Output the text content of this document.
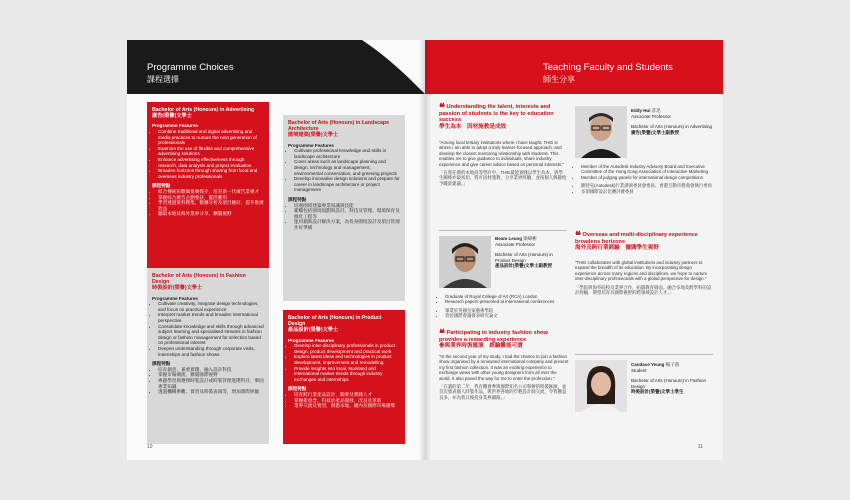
Programme Choices
課程選擇
Bachelor of Arts (Honours) in Advertising
廣告(榮譽)文學士
Programme Features
• Combine traditional and digital advertising and media practices to nurture the next generation of professionals
• Examine the use of flexible and comprehensive advertising solutions
• Enhance advertising effectiveness through research, data analysis and project evaluation
• Broaden horizons through sharing from local and overseas industry professionals
課程特點
• 結合傳統和數碼推廣媒介，培育新一代廣告業專才
• 掌握綜合廣告企劃要訣，靈活應用
• 學習透過資料搜集、數據分析及項目檢討，提升推廣效益
• 聽取本地及海外業界分享，擴闊視野
Bachelor of Arts (Honours) in Landscape Architecture
園境建築(榮譽)文學士
Programme Features
• Cultivate professional knowledge and skills in landscape architecture
• Cover areas such as landscape planning and design, technology and management, environmental conservation, and greening projects
• Develop innovative design solutions and prepare for career in landscape architecture or project management
課程特點
• 培養園境建築專業知識與技能
• 範疇包括園境規劃與設計、科技及管理、環境保育及綠化工程等
• 運用創新設計解決方案，為投身園境設計及項目管理作好準備
Bachelor of Arts (Honours) in Fashion Design
時裝設計(榮譽)文學士
Programme Features
• Cultivate creativity, integrate design technologies, and focus on practical experience
• Interpret market trends and broaden international perspective
• Consolidate knowledge and skills through advanced subject learning and specialised streams in fashion design or fashion management for selection based on professional interest
• Deepen understanding through corporate visits, internships and fashion shows
課程特點
• 培育創意，兼重實踐，融入設計科技
• 掌握市場潮流，擴闊國際視野
• 專題學習與選擇時裝設計或時裝管理進階科目，鞏固專業知識
• 透過機構參觀、實習及時裝表演等，增加實際經驗
Bachelor of Arts (Honours) in Product Design
產品設計(榮譽)文學士
Programme Features
• Develop inter-disciplinary professionals in product design, product development and practical work
• Explore latest ideas and technologies in product development, improvement and remodelling
• Provide insights into local, Mainland and international market trends through industry exchanges and internships
課程特點
• 培育跨行業產品設計、開發及實踐人才
• 掌握新意念、科技於產品開發、改良及革新
• 業界交流及實習，洞悉本地、國內及國際市場趨勢
10
Teaching Faculty and Students
師生分享
❝ Understanding the talent, interests and passion of students is the key to education success
學生為本　因材施教是成效
"Among local tertiary institutions where I have taught, THEi is where I am able to adopt a truly learner-focused approach, and develop the closest mentoring relationship with students. This enables me to give guidance to individuals, share industry experience and give career advice based on personal interests."
「在曾任教的本地高等學府中，THEi最能實踐以學生為本，與學生關係亦最密切，我可因材施教，分享業界經驗，並按個人興趣給予職涯建議。」
Eddy Hui 許迅
Associate Professor
Bachelor of Arts (Honours) in Advertising
廣告(榮譽)文學士副教授
• Member of the Autodesk Industry Advisory Board and Executive Committee of the Hong Kong Association of Interactive Marketing
• Member of judging panels for international design competitions
• 歐特克(Autodesk)行業諮詢委員會委員、香港互動市務商會執行委員
• 多項國際設計比賽評審委員
Beam Leung 梁煒彬
Associate Professor
Bachelor of Arts (Honours) in Product Design
產品設計(榮譽)文學士副教授
• Graduate of Royal College of Art (RCA) London
• Research papers presented at international conferences
• 畢業於英國皇家藝術學院
• 曾於國際會議發表研究論文
❝ Overseas and multi-disciplinary experience broadens horizons
海外及跨行業經驗　擴闊學生視野
"THEi collaborates with global institutions and industry partners to expand the breadth of its education. By incorporating design experience across many regions and disciplines, we hope to nurture inter-disciplinary professionals with a global perspective for design."
「學院與海外院校及業界合作，拓闊教育層面。融合多地及跨學科的設計經驗，期望培育具國際視野的跨領域設計人才。」
❝ Participating in industry fashion show provides a rewarding experience
參與業界時裝匯演　經驗難能可貴
"In the second year of my study, I had the chance to join a fashion show organised by a renowned international company and present my first fashion collection. It was an exciting experience to exchange views with other young designers from all over the world. It also paved the way for me to enter the profession."
「在讀的第二年，我有機會參與國際知名公司舉辦的時裝匯演，並首次發表個人時裝作品，與世界各地的年輕設計師交流，令我獲益良多，亦為我日後投身業界鋪路。」
Candace Yeung 楊子茵
Student
Bachelor of Arts (Honours) in Fashion Design
時裝設計(榮譽)文學士學生
11
